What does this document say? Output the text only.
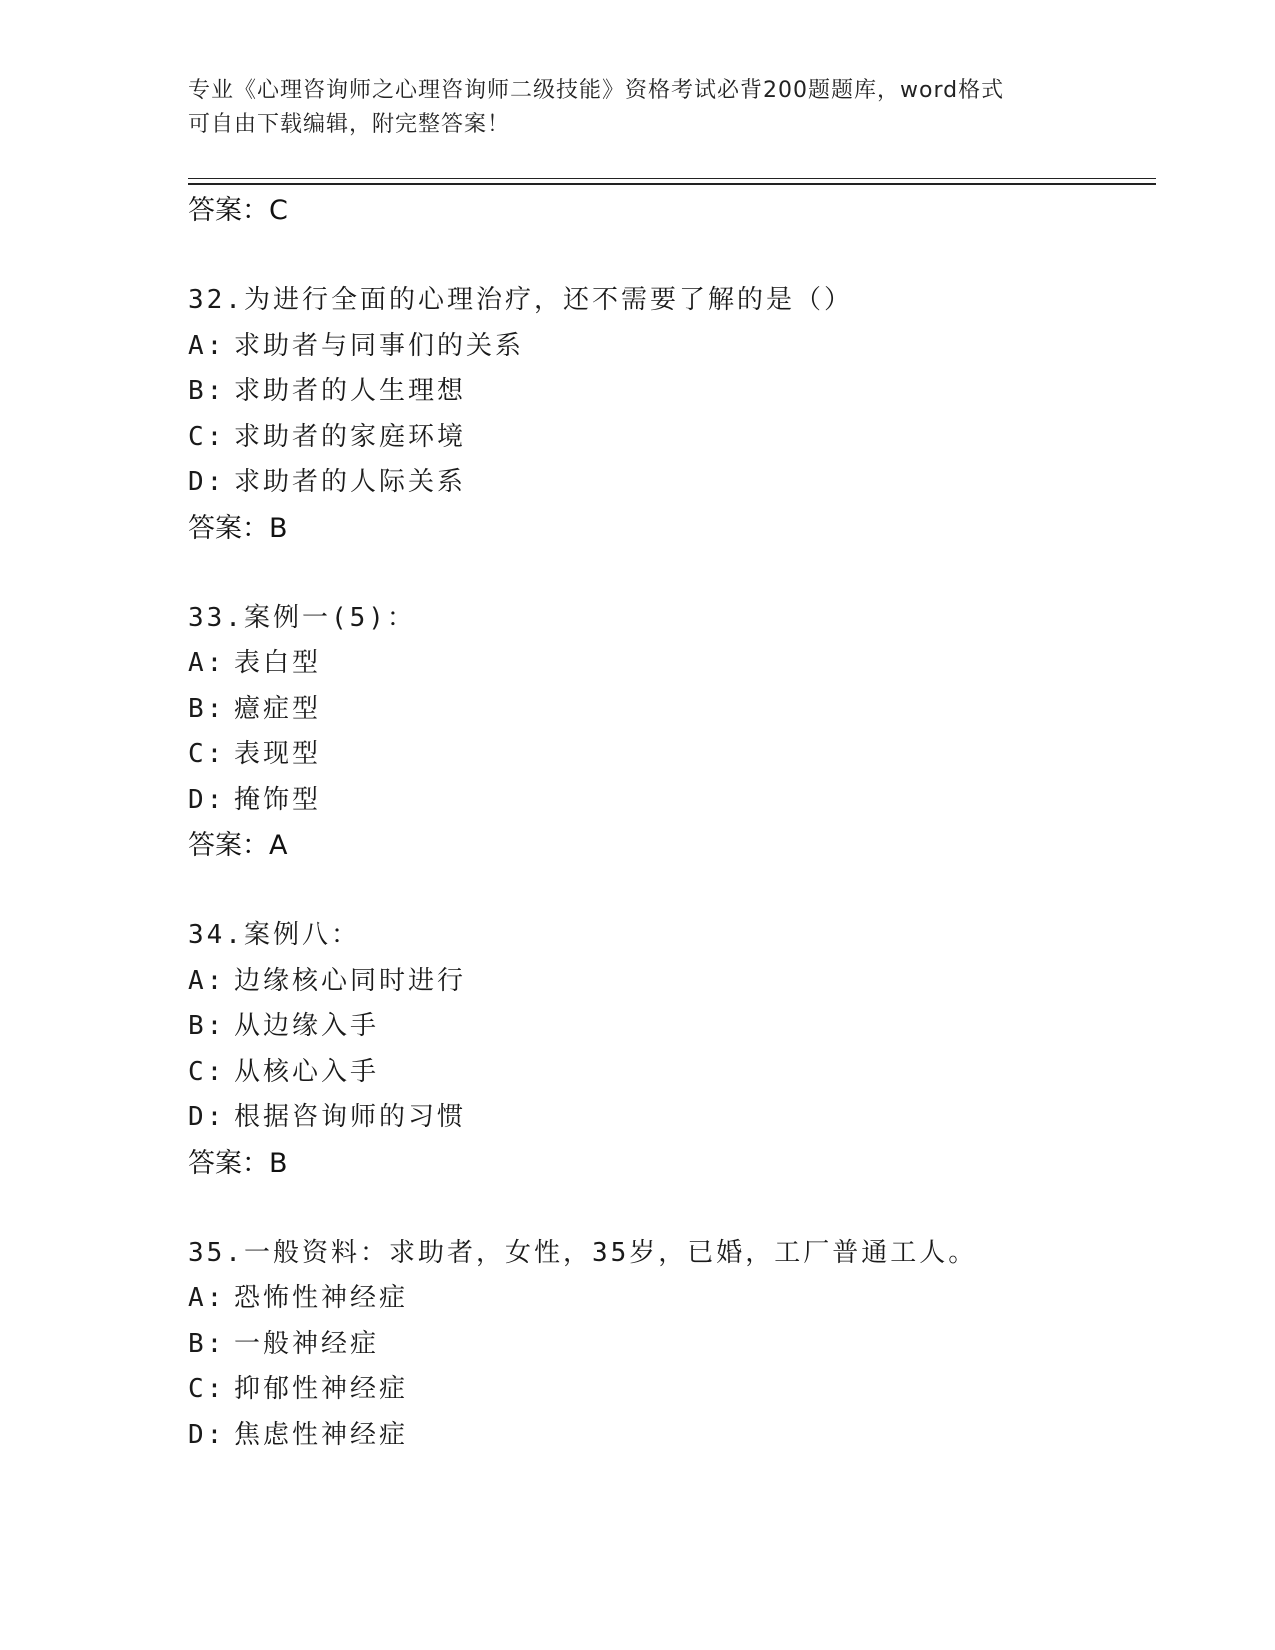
专业《心理咨询师之心理咨询师二级技能》资格考试必背200题题库，word格式
可自由下载编辑，附完整答案！
答案：C
32.为进行全面的心理治疗，还不需要了解的是（）
A: 求助者与同事们的关系
B: 求助者的人生理想
C: 求助者的家庭环境
D: 求助者的人际关系
答案：B
33.案例一(5)：
A: 表白型
B: 癔症型
C: 表现型
D: 掩饰型
答案：A
34.案例八：
A: 边缘核心同时进行
B: 从边缘入手
C: 从核心入手
D: 根据咨询师的习惯
答案：B
35.一般资料：求助者，女性，35岁，已婚，工厂普通工人。
A: 恐怖性神经症
B: 一般神经症
C: 抑郁性神经症
D: 焦虑性神经症
